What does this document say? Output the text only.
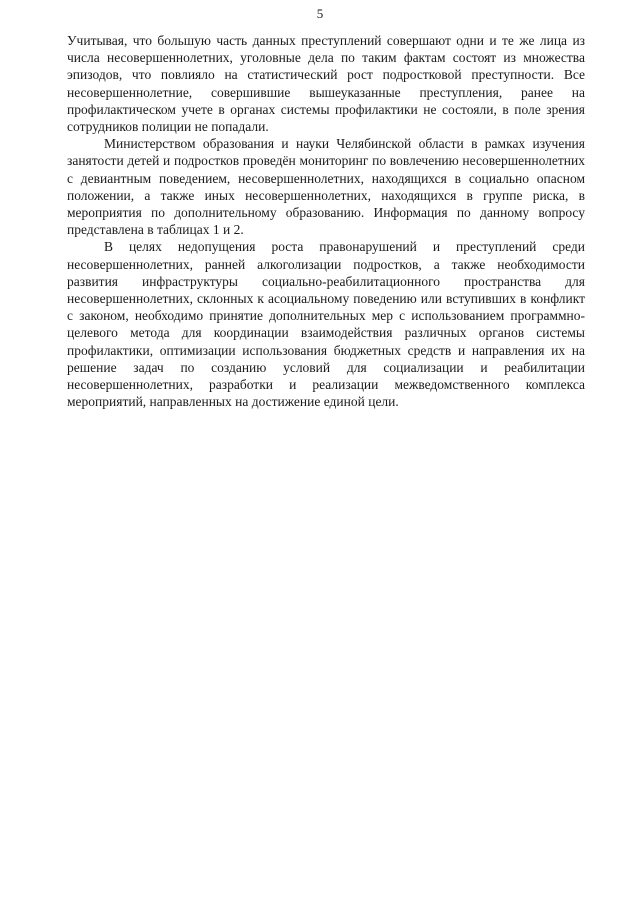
5

Учитывая, что большую часть данных преступлений совершают одни и те же лица из числа несовершеннолетних, уголовные дела по таким фактам состоят из множества эпизодов, что повлияло на статистический рост подростковой преступности. Все несовершеннолетние, совершившие вышеуказанные преступления, ранее на профилактическом учете в органах системы профилактики не состояли, в поле зрения сотрудников полиции не попадали.

Министерством образования и науки Челябинской области в рамках изучения занятости детей и подростков проведён мониторинг по вовлечению несовершеннолетних с девиантным поведением, несовершеннолетних, находящихся в социально опасном положении, а также иных несовершеннолетних, находящихся в группе риска, в мероприятия по дополнительному образованию. Информация по данному вопросу представлена в таблицах 1 и 2.

В целях недопущения роста правонарушений и преступлений среди несовершеннолетних, ранней алкоголизации подростков, а также необходимости развития инфраструктуры социально-реабилитационного пространства для несовершеннолетних, склонных к асоциальному поведению или вступивших в конфликт с законом, необходимо принятие дополнительных мер с использованием программно-целевого метода для координации взаимодействия различных органов системы профилактики, оптимизации использования бюджетных средств и направления их на решение задач по созданию условий для социализации и реабилитации несовершеннолетних, разработки и реализации межведомственного комплекса мероприятий, направленных на достижение единой цели.
